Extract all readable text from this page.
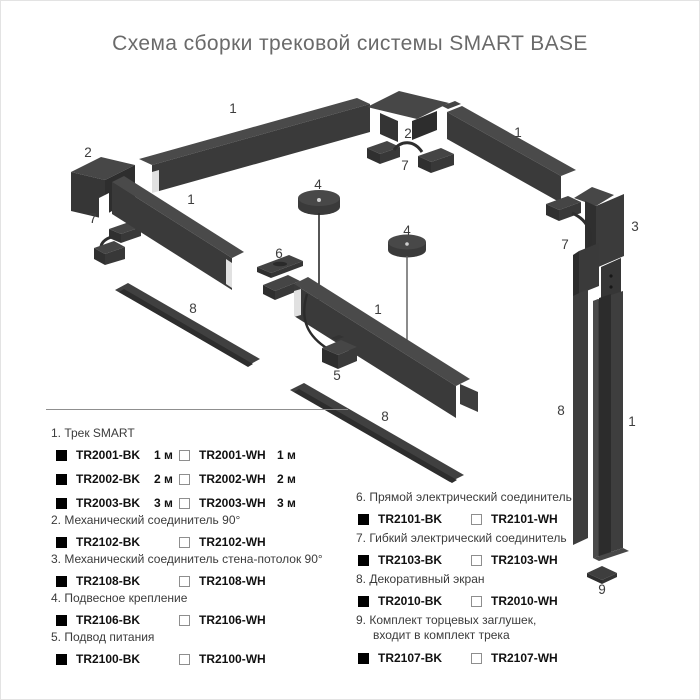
Схема сборки трековой системы SMART BASE
2
1
2
7
1
3
7
7
1
8
4
4
6
1
5
8	8
1
9
1. Трек SMART
TR2001-BK	1 м TR2001-WH 1 м
TR2002-BK	2 м TR2002-WH 2 м
TR2003-BK	3 м TR2003-WH 3 м
2. Механический соединитель 90°
TR2102-BK	TR2102-WH
3. Механический соединитель стена-потолок 90°
TR2108-BK	TR2108-WH
4. Подвесное крепление
TR2106-BK	TR2106-WH
5. Подвод питания
TR2100-BK	TR2100-WH
6. Прямой электрический соединитель
TR2101-BK	TR2101-WH
7. Гибкий электрический соединитель
TR2103-BK	TR2103-WH
8. Декоративный экран
TR2010-BK	TR2010-WH
9. Комплект торцевых заглушек,
входит в комплект трека
TR2107-BK	TR2107-WH
